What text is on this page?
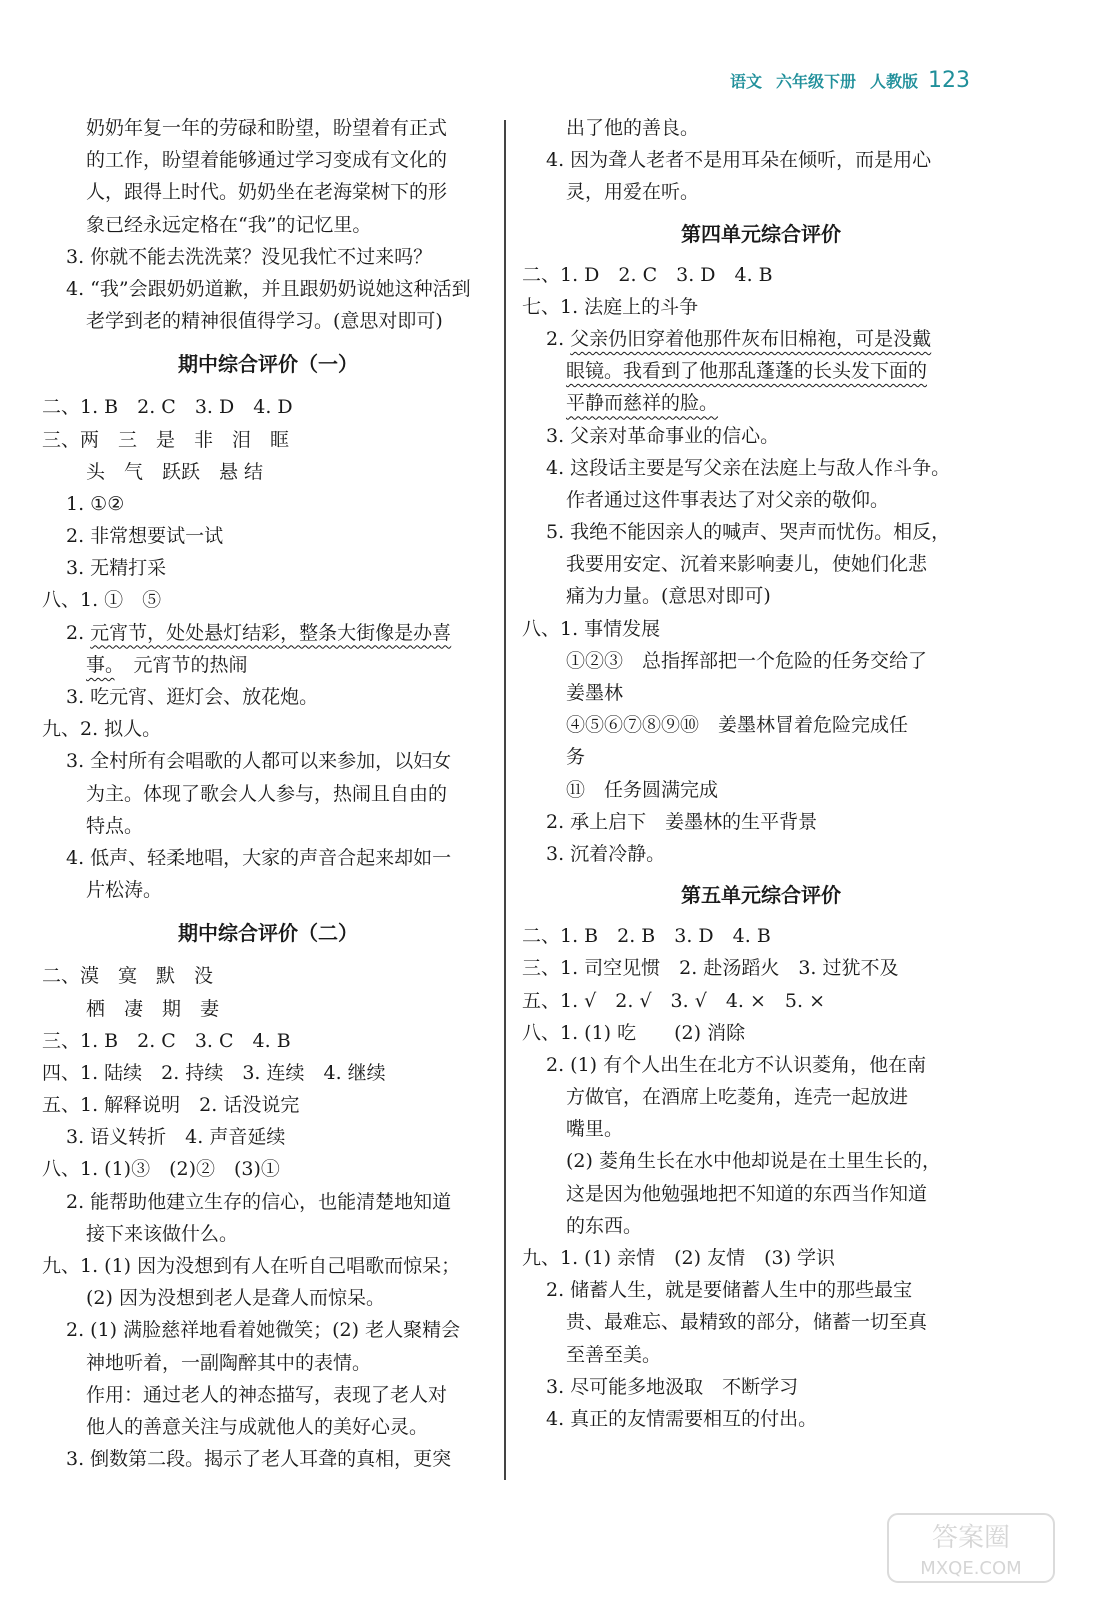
语文 六年级下册 人教版 123
奶奶年复一年的劳碌和盼望，盼望着有正式
的工作，盼望着能够通过学习变成有文化的
人，跟得上时代。奶奶坐在老海棠树下的形
象已经永远定格在“我”的记忆里。
3. 你就不能去洗洗菜？没见我忙不过来吗？
4. “我”会跟奶奶道歉，并且跟奶奶说她这种活到
老学到老的精神很值得学习。(意思对即可)
期中综合评价（一）
二、1. B　2. C　3. D　4. D
三、两　三　是　非　泪　眶
头　气　跃跃　悬 结
1. ①②
2. 非常想要试一试
3. 无精打采
八、1. ①　⑤
2. 元宵节，处处悬灯结彩，整条大街像是办喜
事。　元宵节的热闹
3. 吃元宵、逛灯会、放花炮。
九、2. 拟人。
3. 全村所有会唱歌的人都可以来参加，以妇女
为主。体现了歌会人人参与，热闹且自由的
特点。
4. 低声、轻柔地唱，大家的声音合起来却如一
片松涛。
期中综合评价（二）
二、漠　寞　默　没
栖　凄　期　妻
三、1. B　2. C　3. C　4. B
四、1. 陆续　2. 持续　3. 连续　4. 继续
五、1. 解释说明　2. 话没说完
3. 语义转折　4. 声音延续
八、1. (1)③　(2)②　(3)①
2. 能帮助他建立生存的信心，也能清楚地知道
接下来该做什么。
九、1. (1) 因为没想到有人在听自己唱歌而惊呆；
(2) 因为没想到老人是聋人而惊呆。
2. (1) 满脸慈祥地看着她微笑；(2) 老人聚精会
神地听着，一副陶醉其中的表情。
作用：通过老人的神态描写，表现了老人对
他人的善意关注与成就他人的美好心灵。
3. 倒数第二段。揭示了老人耳聋的真相，更突
出了他的善良。
4. 因为聋人老者不是用耳朵在倾听，而是用心
灵，用爱在听。
第四单元综合评价
二、1. D　2. C　3. D　4. B
七、1. 法庭上的斗争
2. 父亲仍旧穿着他那件灰布旧棉袍，可是没戴
眼镜。我看到了他那乱蓬蓬的长头发下面的
平静而慈祥的脸。
3. 父亲对革命事业的信心。
4. 这段话主要是写父亲在法庭上与敌人作斗争。
作者通过这件事表达了对父亲的敬仰。
5. 我绝不能因亲人的喊声、哭声而忧伤。相反，
我要用安定、沉着来影响妻儿，使她们化悲
痛为力量。(意思对即可)
八、1. 事情发展
①②③　总指挥部把一个危险的任务交给了
姜墨林
④⑤⑥⑦⑧⑨⑩　姜墨林冒着危险完成任
务
⑪　任务圆满完成
2. 承上启下　姜墨林的生平背景
3. 沉着冷静。
第五单元综合评价
二、1. B　2. B　3. D　4. B
三、1. 司空见惯　2. 赴汤蹈火　3. 过犹不及
五、1. √　2. √　3. √　4. ×　5. ×
八、1. (1) 吃　　(2) 消除
2. (1) 有个人出生在北方不认识菱角，他在南
方做官，在酒席上吃菱角，连壳一起放进
嘴里。
(2) 菱角生长在水中他却说是在土里生长的，
这是因为他勉强地把不知道的东西当作知道
的东西。
九、1. (1) 亲情　(2) 友情　(3) 学识
2. 储蓄人生，就是要储蓄人生中的那些最宝
贵、最难忘、最精致的部分，储蓄一切至真
至善至美。
3. 尽可能多地汲取　不断学习
4. 真正的友情需要相互的付出。
答案圈
MXQE.COM
